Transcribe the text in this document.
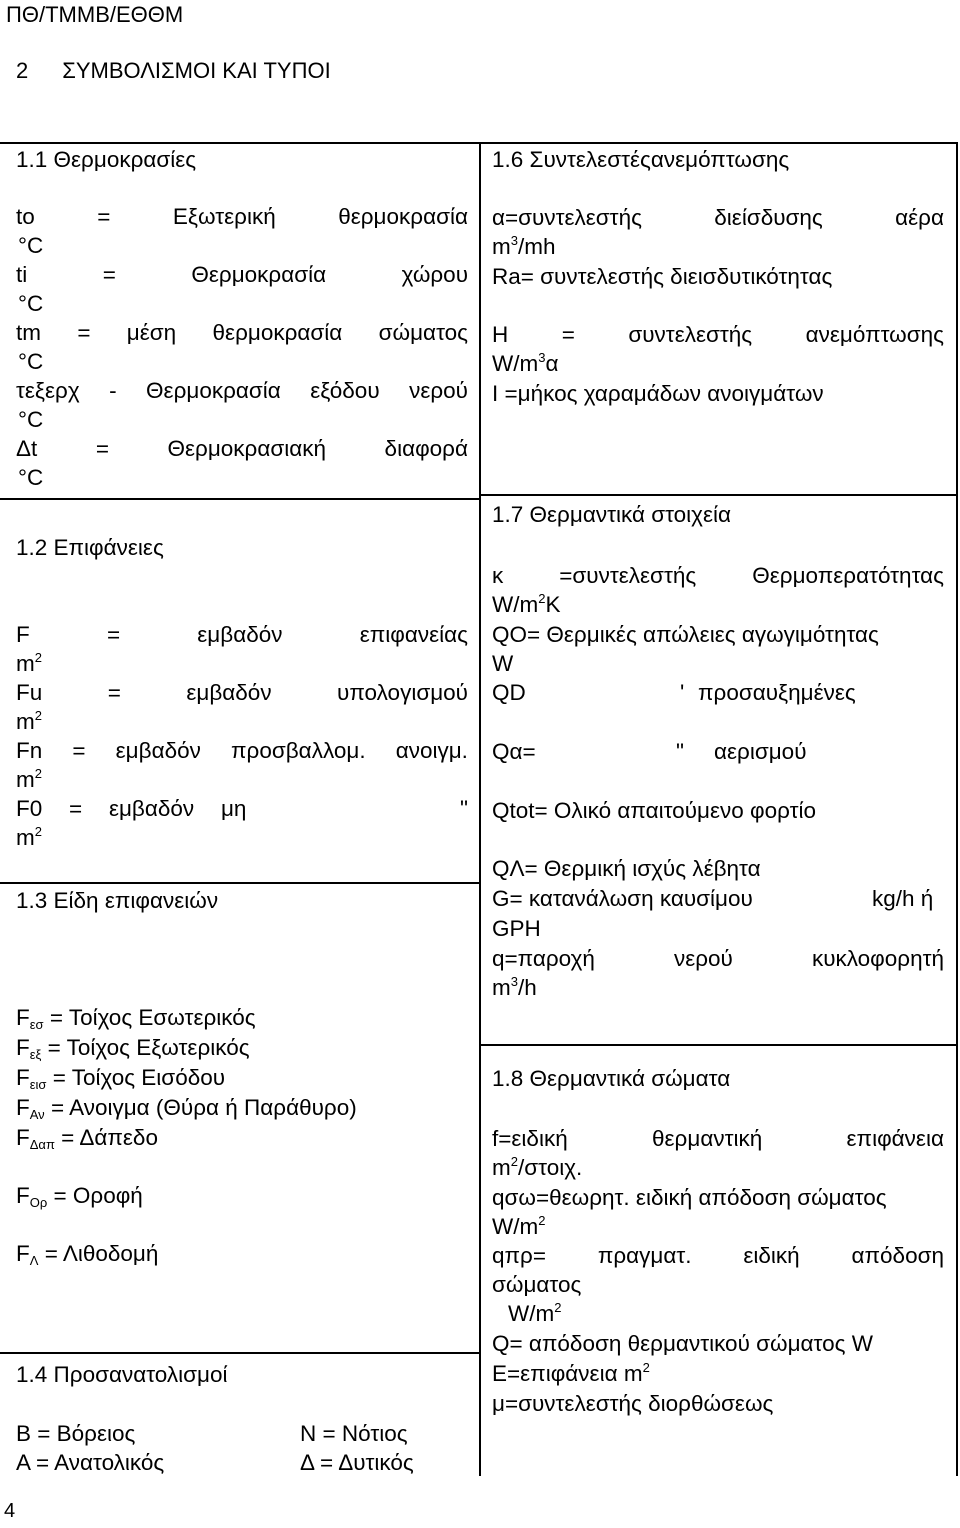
ΠΘ/ΤΜΜΒ/ΕΘΘΜ
2 ΣΥΜΒΟΛΙΣΜΟΙ ΚΑΙ ΤΥΠΟΙ
1.1 Θερμοκρασίες
to	=	Εξωτερική	θερμοκρασία
°C
ti	=	Θερμοκρασία	χώρου
°C
tm = μέση θερμοκρασία σώματος
°C
τεξερχ - Θερμοκρασία εξόδου νερού
°C
Δt	=	Θερμοκρασιακή	διαφορά
°C
1.2 Επιφάνειες
F	=	εμβαδόν	επιφανείας
$m^2$
Fu	=	εμβαδόν	υπολογισμού
$m^2$
Fn = εμβαδόν προσβαλλομ. ανοιγμ.
$m^2$
F0 = εμβαδόν μη	"
$m^2$
1.3 Είδη επιφανειών
$F_{\varepsilon\sigma} = Toί\chi o\varsigma$ Εσωτερικός
$F_{\varepsilon\xi} = Toί\chi o\varsigma$ Εξωτερικός
$F_{\varepsilon\iota\sigma} = Toί\chi o\varsigma$ Εισόδου
$F_{A\nu} = A\nu o\iota\gamma\mu\alpha$ (Θύρα ή Παράθυρο)
$F_{\Delta\alpha\pi} = \Delta ά\pi\varepsilon\delta o$
$F_{O\rho} = O\rho o\varphi ή$
$F_\Lambda = \Lambda\iota\theta o\delta o\mu ή$
1.4 Προσανατολισμοί
Β = Βόρειος	Ν = Νότιος
Α = Ανατολικός	Δ = Δυτικός
1.6 Συντελεστέςανεμόπτωσης
α=συντελεστής	διείσδυσης	αέρα
$m^3/mh$
Ra= συντελεστής διεισδυτικότητας
H = συντελεστής ανεμόπτωσης
$W/m^3\alpha$
I =μήκος χαραμάδων ανοιγμάτων
1.7 Θερμαντικά στοιχεία
κ =συντελεστής Θερμοπερατότητας
$W/m^2K$
QO= Θερμικές απώλειες αγωγιμότητας
W
QD	' προσαυξημένες
Qα=	" αερισμού
Qtot= Ολικό απαιτούμενο φορτίο
QΛ= Θερμική ισχύς λέβητα
G= κατανάλωση καυσίμου	kg/h ή
GPH
q=παροχή	νερού	κυκλοφορητή
$m^3/h$
1.8 Θερμαντικά σώματα
f=ειδική	θερμαντική	επιφάνεια
$m^2$/στοιχ.
qσω=θεωρητ. ειδική απόδοση σώματος
$W/m^2$
qπρ= πραγματ. ειδική απόδοση
σώματος
$W/m^2$
Q= απόδοση θερμαντικού σώματος W
E=επιφάνεια $m^2$
μ=συντελεστής διορθώσεως
4
